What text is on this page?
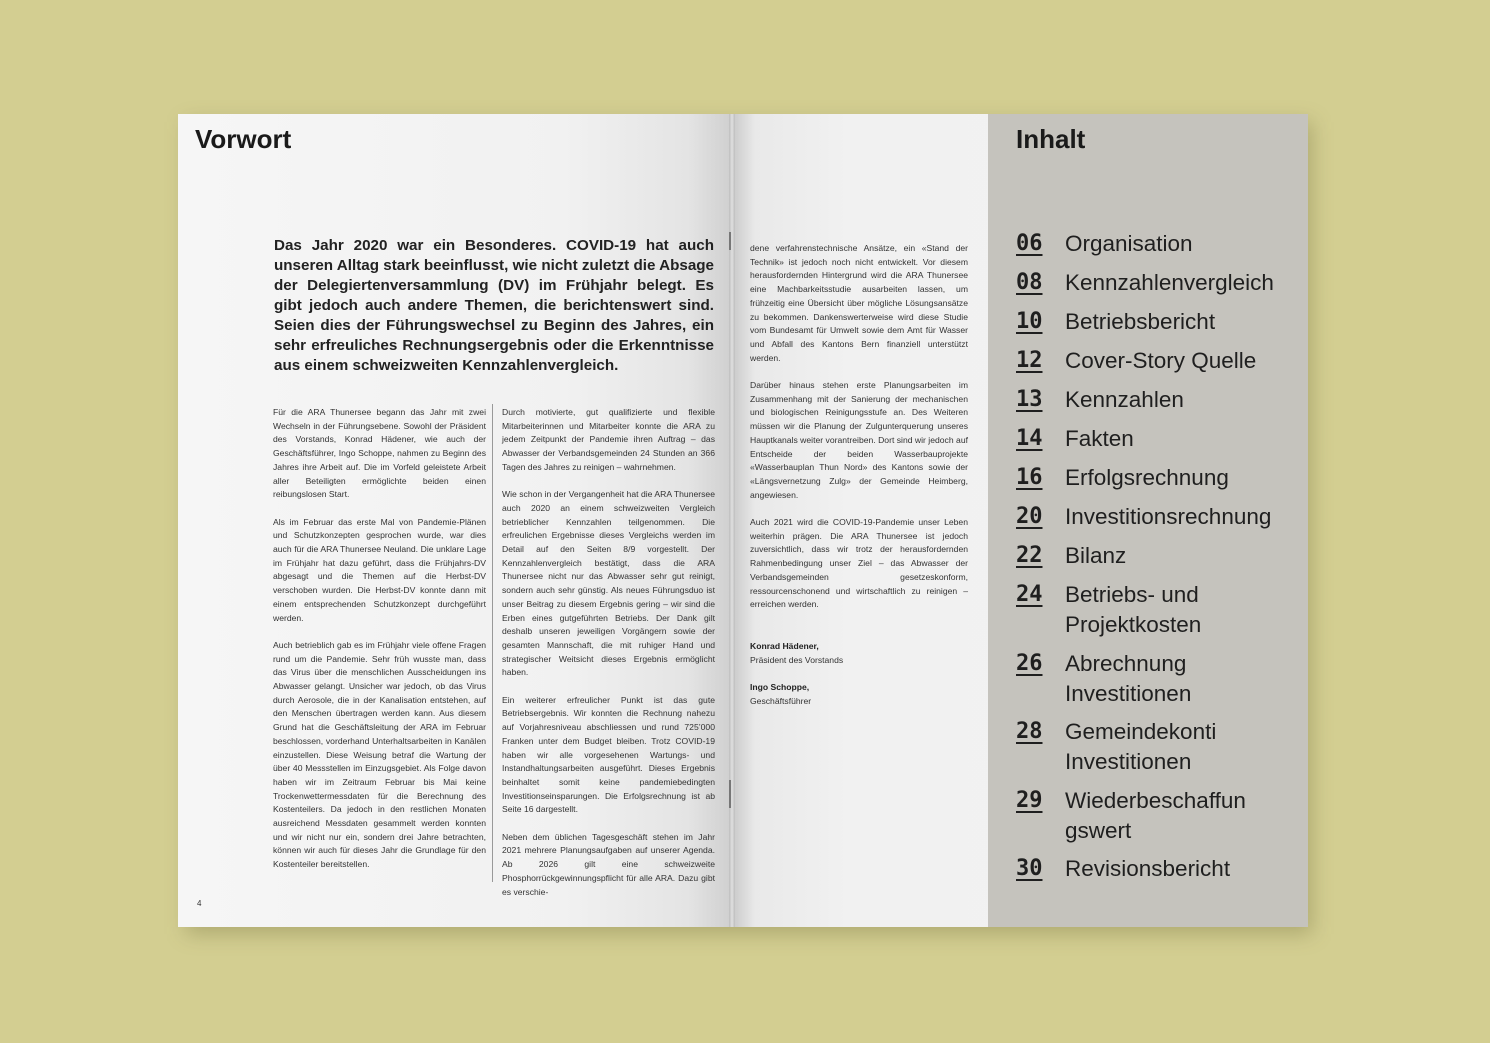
Vorwort

Das Jahr 2020 war ein Besonderes. COVID-19 hat auch unseren Alltag stark beeinflusst, wie nicht zuletzt die Absage der Delegiertenversammlung (DV) im Frühjahr belegt. Es gibt jedoch auch andere Themen, die berichtenswert sind. Seien dies der Führungswechsel zu Beginn des Jahres, ein sehr erfreuliches Rechnungsergebnis oder die Erkenntnisse aus einem schweizweiten Kennzahlenvergleich.

Für die ARA Thunersee begann das Jahr mit zwei Wechseln in der Führungsebene. Sowohl der Präsident des Vorstands, Konrad Hädener, wie auch der Geschäftsführer, Ingo Schoppe, nahmen zu Beginn des Jahres ihre Arbeit auf. Die im Vorfeld geleistete Arbeit aller Beteiligten ermöglichte beiden einen reibungslosen Start.

Als im Februar das erste Mal von Pandemie-Plänen und Schutzkonzepten gesprochen wurde, war dies auch für die ARA Thunersee Neuland. Die unklare Lage im Frühjahr hat dazu geführt, dass die Frühjahrs-DV abgesagt und die Themen auf die Herbst-DV verschoben wurden. Die Herbst-DV konnte dann mit einem entsprechenden Schutzkonzept durchgeführt werden.

Auch betrieblich gab es im Frühjahr viele offene Fragen rund um die Pandemie. Sehr früh wusste man, dass das Virus über die menschlichen Ausscheidungen ins Abwasser gelangt. Unsicher war jedoch, ob das Virus durch Aerosole, die in der Kanalisation entstehen, auf den Menschen übertragen werden kann. Aus diesem Grund hat die Geschäftsleitung der ARA im Februar beschlossen, vorderhand Unterhaltsarbeiten in Kanälen einzustellen. Diese Weisung betraf die Wartung der über 40 Messstellen im Einzugsgebiet. Als Folge davon haben wir im Zeitraum Februar bis Mai keine Trockenwettermessdaten für die Berechnung des Kostenteilers. Da jedoch in den restlichen Monaten ausreichend Messdaten gesammelt werden konnten und wir nicht nur ein, sondern drei Jahre betrachten, können wir auch für dieses Jahr die Grundlage für den Kostenteiler bereitstellen.

Durch motivierte, gut qualifizierte und flexible Mitarbeiterinnen und Mitarbeiter konnte die ARA zu jedem Zeitpunkt der Pandemie ihren Auftrag – das Abwasser der Verbandsgemeinden 24 Stunden an 366 Tagen des Jahres zu reinigen – wahrnehmen.

Wie schon in der Vergangenheit hat die ARA Thunersee auch 2020 an einem schweizweiten Vergleich betrieblicher Kennzahlen teilgenommen. Die erfreulichen Ergebnisse dieses Vergleichs werden im Detail auf den Seiten 8/9 vorgestellt. Der Kennzahlenvergleich bestätigt, dass die ARA Thunersee nicht nur das Abwasser sehr gut reinigt, sondern auch sehr günstig. Als neues Führungsduo ist unser Beitrag zu diesem Ergebnis gering – wir sind die Erben eines gutgeführten Betriebs. Der Dank gilt deshalb unseren jeweiligen Vorgängern sowie der gesamten Mannschaft, die mit ruhiger Hand und strategischer Weitsicht dieses Ergebnis ermöglicht haben.

Ein weiterer erfreulicher Punkt ist das gute Betriebsergebnis. Wir konnten die Rechnung nahezu auf Vorjahresniveau abschliessen und rund 725’000 Franken unter dem Budget bleiben. Trotz COVID-19 haben wir alle vorgesehenen Wartungs- und Instandhaltungsarbeiten ausgeführt. Dieses Ergebnis beinhaltet somit keine pandemiebedingten Investitionseinsparungen. Die Erfolgsrechnung ist ab Seite 16 dargestellt.

Neben dem üblichen Tagesgeschäft stehen im Jahr 2021 mehrere Planungsaufgaben auf unserer Agenda. Ab 2026 gilt eine schweizweite Phosphorrückgewinnungspflicht für alle ARA. Dazu gibt es verschie-

4

dene verfahrenstechnische Ansätze, ein «Stand der Technik» ist jedoch noch nicht entwickelt. Vor diesem herausfordernden Hintergrund wird die ARA Thunersee eine Machbarkeitsstudie ausarbeiten lassen, um frühzeitig eine Übersicht über mögliche Lösungsansätze zu bekommen. Dankenswerterweise wird diese Studie vom Bundesamt für Umwelt sowie dem Amt für Wasser und Abfall des Kantons Bern finanziell unterstützt werden.

Darüber hinaus stehen erste Planungsarbeiten im Zusammenhang mit der Sanierung der mechanischen und biologischen Reinigungsstufe an. Des Weiteren müssen wir die Planung der Zulgunterquerung unseres Hauptkanals weiter vorantreiben. Dort sind wir jedoch auf Entscheide der beiden Wasserbauprojekte «Wasserbauplan Thun Nord» des Kantons sowie der «Längsvernetzung Zulg» der Gemeinde Heimberg, angewiesen.

Auch 2021 wird die COVID-19-Pandemie unser Leben weiterhin prägen. Die ARA Thunersee ist jedoch zuversichtlich, dass wir trotz der herausfordernden Rahmenbedingung unser Ziel – das Abwasser der Verbandsgemeinden gesetzeskonform, ressourcenschonend und wirtschaftlich zu reinigen – erreichen werden.

Konrad Hädener,
Präsident des Vorstands
Ingo Schoppe,
Geschäftsführer
Inhalt
06	Organisation
08	Kennzahlenvergleich
10	Betriebsbericht
12	Cover-Story Quelle
13	Kennzahlen
14	Fakten
16	Erfolgsrechnung
20	Investitionsrechnung
22	Bilanz
24	Betriebs- und Projektkosten
26	Abrechnung Investitionen
28	Gemeindekonti Investitionen
29	Wiederbeschaffungswert
30	Revisionsbericht
